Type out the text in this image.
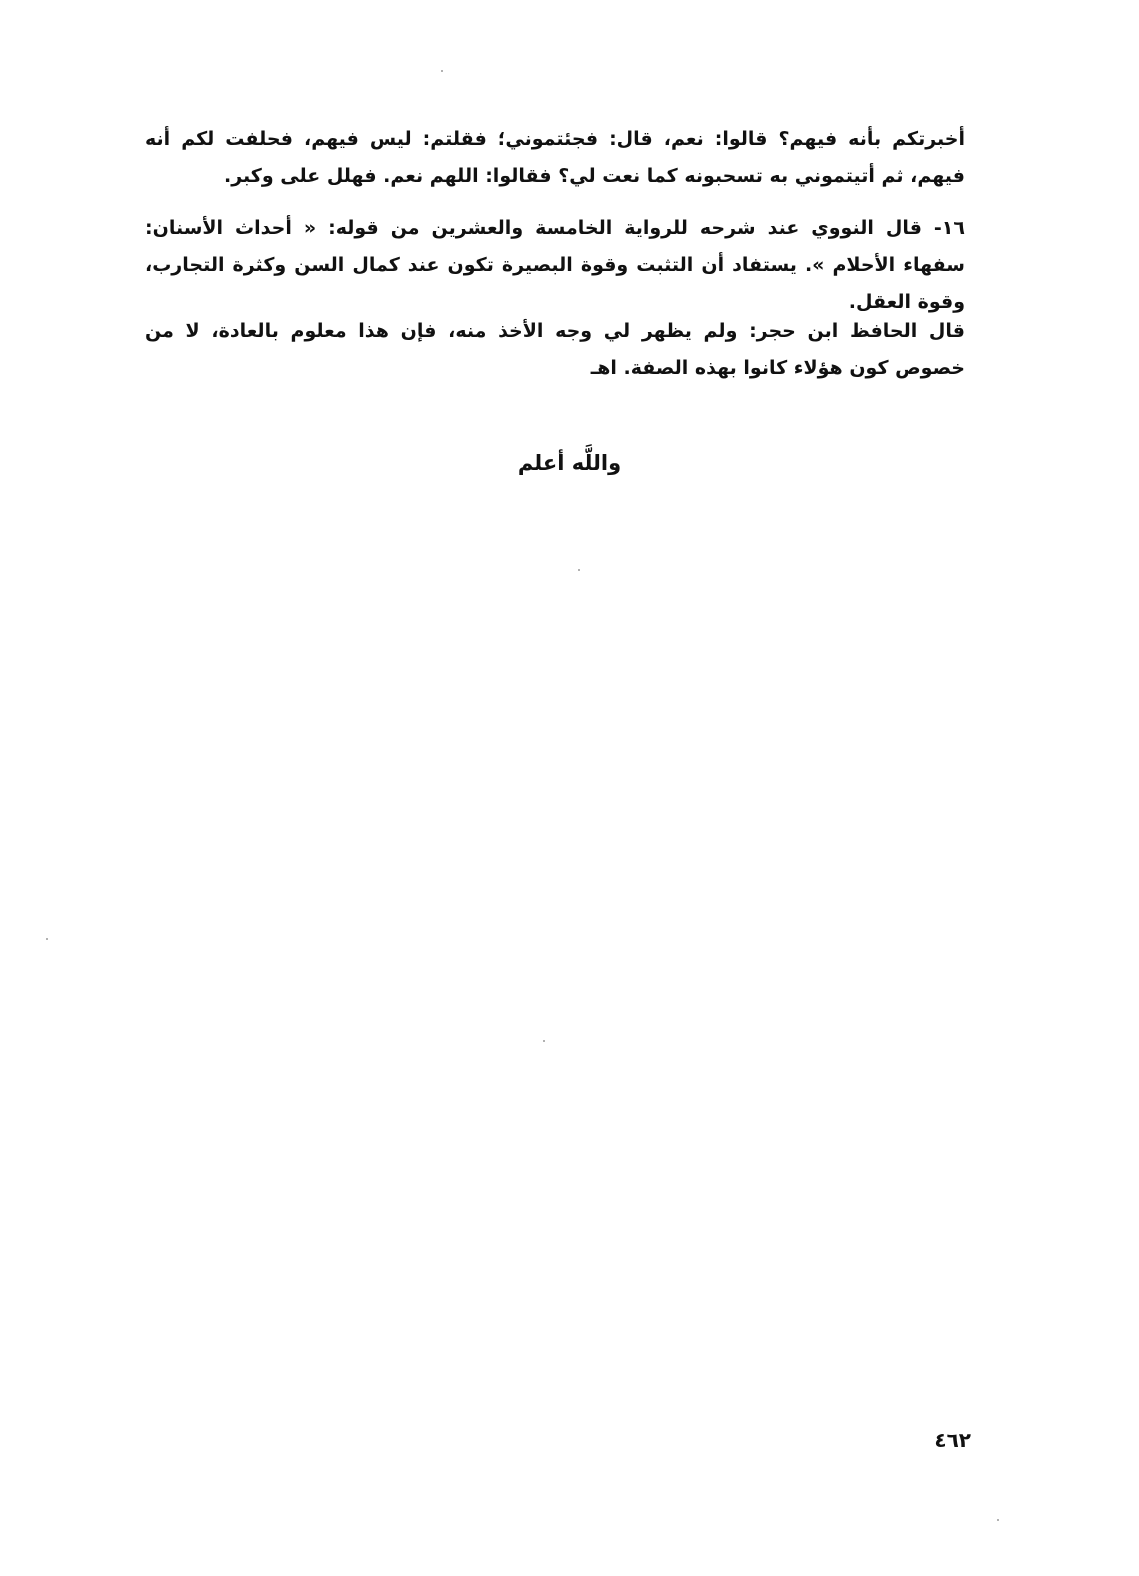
أخبرتكم بأنه فيهم؟ قالوا: نعم، قال: فجئتموني؛ فقلتم: ليس فيهم، فحلفت لكم أنه فيهم، ثم أتيتموني به تسحبونه كما نعت لي؟ فقالوا: اللهم نعم. فهلل على وكبر.

١٦- قال النووي عند شرحه للرواية الخامسة والعشرين من قوله: « أحداث الأسنان: سفهاء الأحلام ». يستفاد أن التثبت وقوة البصيرة تكون عند كمال السن وكثرة التجارب، وقوة العقل.

قال الحافظ ابن حجر: ولم يظهر لي وجه الأخذ منه، فإن هذا معلوم بالعادة، لا من خصوص كون هؤلاء كانوا بهذه الصفة. اهـ

واللَّه أعلم
٤٦٢
